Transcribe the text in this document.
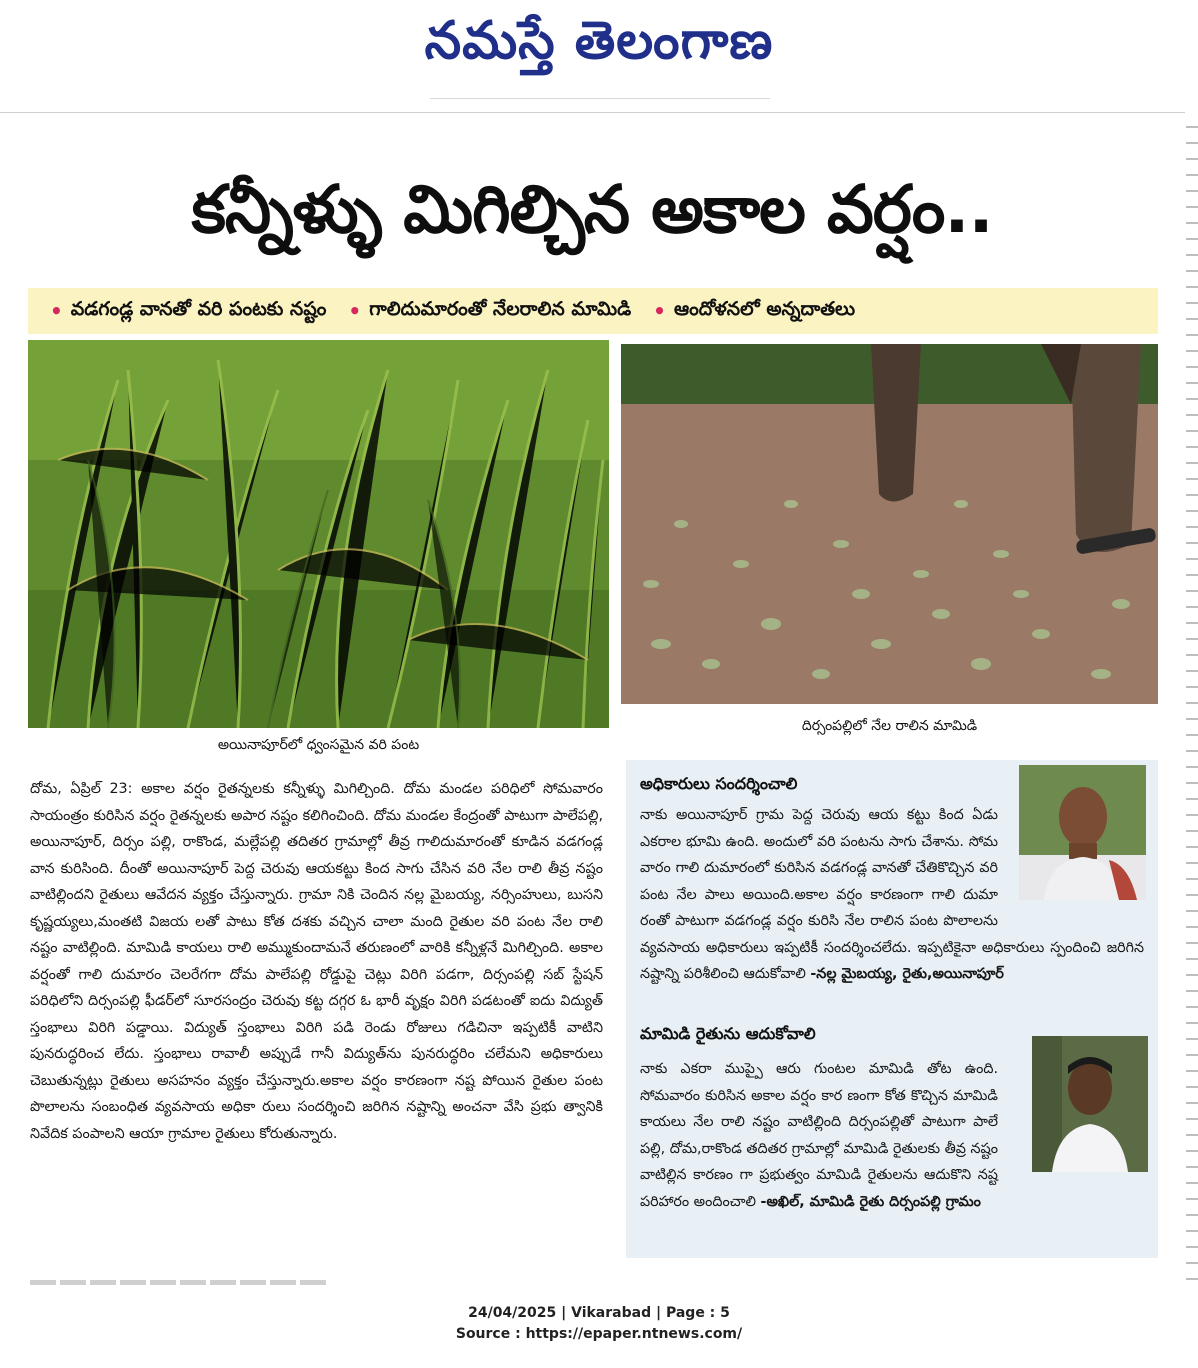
నమస్తే తెలంగాణ
కన్నీళ్ళు మిగిల్చిన అకాల వర్షం..
• వడగండ్ల వానతో వరి పంటకు నష్టం • గాలిదుమారంతో నేలరాలిన మామిడి • ఆందోళనలో అన్నదాతలు
అయినాపూర్‌లో ధ్వంసమైన వరి పంట
దిర్సంపల్లిలో నేల రాలిన మామిడి
దోమ, ఏప్రిల్ 23: అకాల వర్షం రైతన్నలకు కన్నీళ్ళు మిగిల్చింది. దోమ మండల పరిధిలో సోమవారం సాయంత్రం కురిసిన వర్షం రైతన్నలకు అపార నష్టం కలిగించింది. దోమ మండల కేంద్రంతో పాటుగా పాలేపల్లి, అయినాపూర్, దిర్సం పల్లి, రాకొండ, మల్లేపల్లి తదితర గ్రామాల్లో తీవ్ర గాలిదుమారంతో కూడిన వడగండ్ల వాన కురిసింది. దీంతో అయినాపూర్ పెద్ద చెరువు ఆయకట్టు కింద సాగు చేసిన వరి నేల రాలి తీవ్ర నష్టం వాటిల్లిందని రైతులు ఆవేదన వ్యక్తం చేస్తున్నారు. గ్రామా నికి చెందిన నల్ల మైబయ్య, నర్సింహులు, బుసని కృష్ణయ్యలు,మంతటి విజయ లతో పాటు కోత దశకు వచ్చిన చాలా మంది రైతుల వరి పంట నేల రాలి నష్టం వాటిల్లింది. మామిడి కాయలు రాలి అమ్ముకుందామనే తరుణంలో వారికి కన్నీళ్లనే మిగిల్చింది. అకాల వర్షంతో గాలి దుమారం చెలరేగగా దోమ పాలేపల్లి రోడ్డుపై చెట్లు విరిగి పడగా, దిర్సంపల్లి సబ్ స్టేషన్ పరిధిలోని దిర్సంపల్లి ఫీడర్‌లో సూరసంద్రం చెరువు కట్ట దగ్గర ఓ భారీ వృక్షం విరిగి పడటంతో ఐదు విద్యుత్ స్తంభాలు విరిగి పడ్డాయి. విద్యుత్ స్తంభాలు విరిగి పడి రెండు రోజులు గడిచినా ఇప్పటికీ వాటిని పునరుద్ధరించ లేదు. స్తంభాలు రావాలీ అప్పుడే గానీ విద్యుత్‌ను పునరుద్ధరిం చలేమని అధికారులు చెబుతున్నట్లు రైతులు అసహనం వ్యక్తం చేస్తున్నారు.అకాల వర్షం కారణంగా నష్ట పోయిన రైతుల పంట పొలాలను సంబంధిత వ్యవసాయ అధికా రులు సందర్శించి జరిగిన నష్టాన్ని అంచనా వేసి ప్రభు త్వానికి నివేదిక పంపాలని ఆయా గ్రామాల రైతులు కోరుతున్నారు.
అధికారులు సందర్శించాలి
నాకు అయినాపూర్ గ్రామ పెద్ద చెరువు ఆయ కట్టు కింద ఏడు ఎకరాల భూమి ఉంది. అందులో వరి పంటను సాగు చేశాను. సోమ వారం గాలి దుమారంలో కురిసిన వడగండ్ల వానతో చేతికొచ్చిన వరి పంట నేల పాలు అయింది.అకాల వర్షం కారణంగా గాలి దుమా రంతో పాటుగా వడగండ్ల వర్షం కురిసి నేల రాలిన పంట పొలాలను వ్యవసాయ అధికారులు ఇప్పటికీ సందర్శించలేదు. ఇప్పటికైనా అధికారులు స్పందించి జరిగిన నష్టాన్ని పరిశీలించి ఆదుకోవాలి -నల్ల మైబయ్య, రైతు,అయినాపూర్
మామిడి రైతును ఆదుకోవాలి
నాకు ఎకరా ముప్పై ఆరు గుంటల మామిడి తోట ఉంది. సోమవారం కురిసిన అకాల వర్షం కార ణంగా కోత కొచ్చిన మామిడి కాయలు నేల రాలి నష్టం వాటిల్లింది దిర్సంపల్లితో పాటుగా పాలే పల్లి, దోమ,రాకొండ తదితర గ్రామాల్లో మామిడి రైతులకు తీవ్ర నష్టం వాటిల్లిన కారణం గా ప్రభుత్వం మామిడి రైతులను ఆదుకొని నష్ట పరిహారం అందించాలి -అఖిల్, మామిడి రైతు దిర్సంపల్లి గ్రామం
24/04/2025 | Vikarabad | Page : 5
Source : https://epaper.ntnews.com/
